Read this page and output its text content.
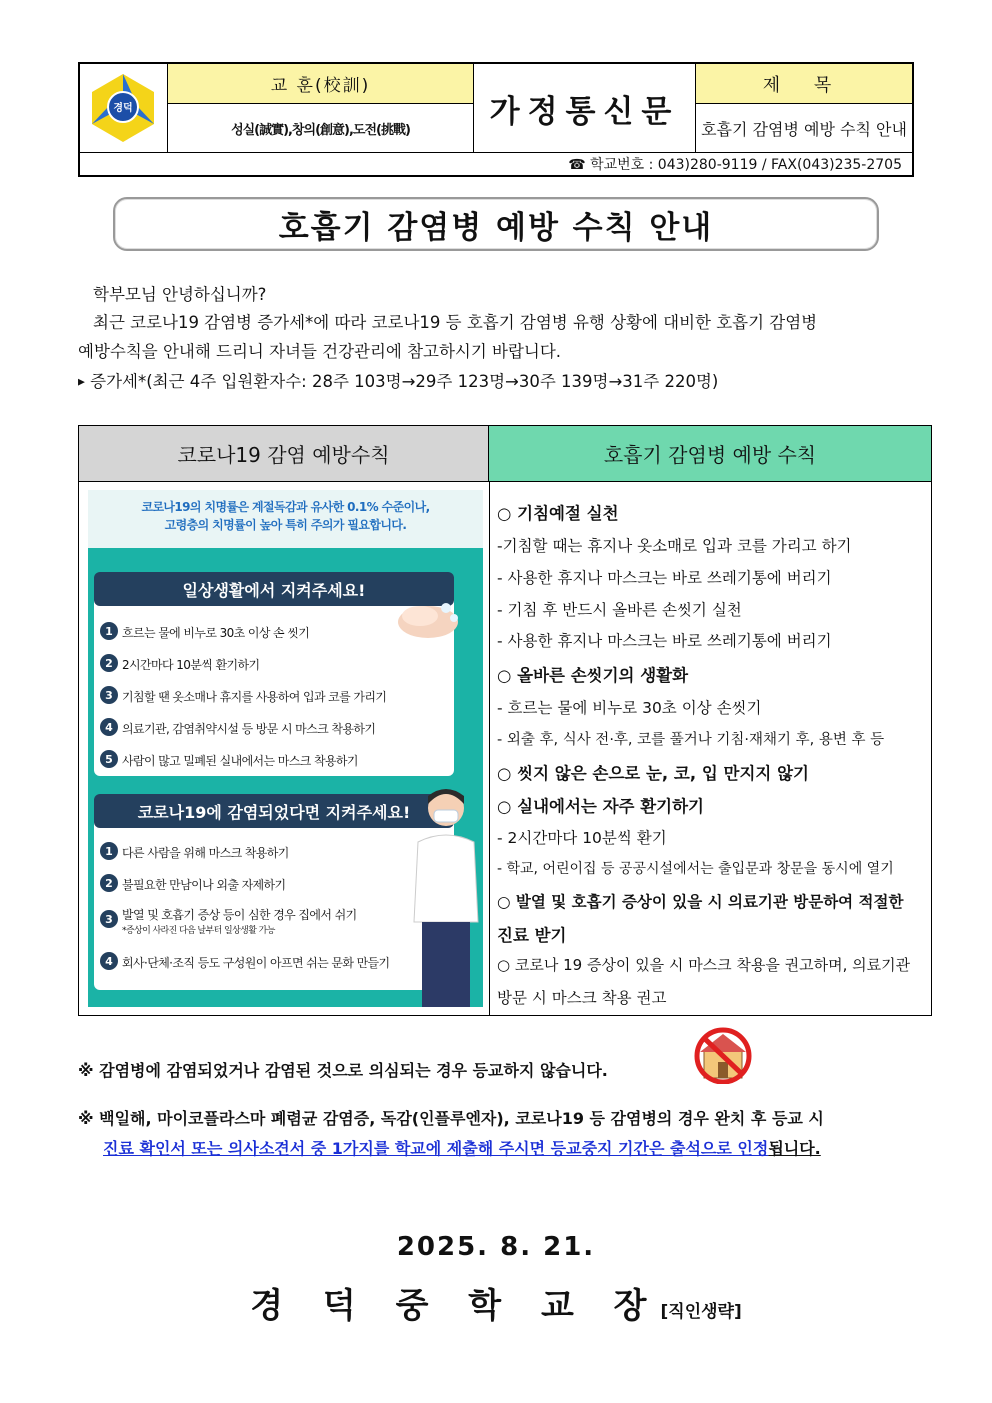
경덕
교 훈(校訓)
성실(誠實),창의(創意),도전(挑戰)
가정통신문
제 목
호흡기 감염병 예방 수칙 안내
☎ 학교번호 : 043)280-9119 / FAX(043)235-2705
호흡기 감염병 예방 수칙 안내
학부모님 안녕하십니까?
최근 코로나19 감염병 증가세*에 따라 코로나19 등 호흡기 감염병 유행 상황에 대비한 호흡기 감염병
예방수칙을 안내해 드리니 자녀들 건강관리에 참고하시기 바랍니다.
▶ 증가세*(최근 4주 입원환자수: 28주 103명→29주 123명→30주 139명→31주 220명)
코로나19 감염 예방수칙	호흡기 감염병 예방 수칙
코로나19의 치명률은 계절독감과 유사한 0.1% 수준이나,
고령층의 치명률이 높아 특히 주의가 필요합니다.
일상생활에서 지켜주세요!
1 흐르는 물에 비누로 30초 이상 손 씻기
2 2시간마다 10분씩 환기하기
3 기침할 땐 옷소매나 휴지를 사용하여 입과 코를 가리기
4 의료기관, 감염취약시설 등 방문 시 마스크 착용하기
5 사람이 많고 밀폐된 실내에서는 마스크 착용하기
코로나19에 감염되었다면 지켜주세요!
1 다른 사람을 위해 마스크 착용하기
2 불필요한 만남이나 외출 자제하기
3 발열 및 호흡기 증상 등이 심한 경우 집에서 쉬기
*증상이 사라진 다음 날부터 일상생활 가능
4 회사·단체·조직 등도 구성원이 아프면 쉬는 문화 만들기
○ 기침예절 실천
-기침할 때는 휴지나 옷소매로 입과 코를 가리고 하기
- 사용한 휴지나 마스크는 바로 쓰레기통에 버리기
- 기침 후 반드시 올바른 손씻기 실천
- 사용한 휴지나 마스크는 바로 쓰레기통에 버리기
○ 올바른 손씻기의 생활화
- 흐르는 물에 비누로 30초 이상 손씻기
- 외출 후, 식사 전·후, 코를 풀거나 기침·재채기 후, 용변 후 등
○ 씻지 않은 손으로 눈, 코, 입 만지지 않기
○ 실내에서는 자주 환기하기
- 2시간마다 10분씩 환기
- 학교, 어린이집 등 공공시설에서는 출입문과 창문을 동시에 열기
○ 발열 및 호흡기 증상이 있을 시 의료기관 방문하여 적절한
진료 받기
○ 코로나 19 증상이 있을 시 마스크 착용을 권고하며, 의료기관
방문 시 마스크 착용 권고
※ 감염병에 감염되었거나 감염된 것으로 의심되는 경우 등교하지 않습니다.
※ 백일해, 마이코플라스마 폐렴균 감염증, 독감(인플루엔자), 코로나19 등 감염병의 경우 완치 후 등교 시
진료 확인서 또는 의사소견서 중 1가지를 학교에 제출해 주시면 등교중지 기간은 출석으로 인정됩니다.
2025. 8. 21.
경 덕 중 학 교 장[직인생략]
